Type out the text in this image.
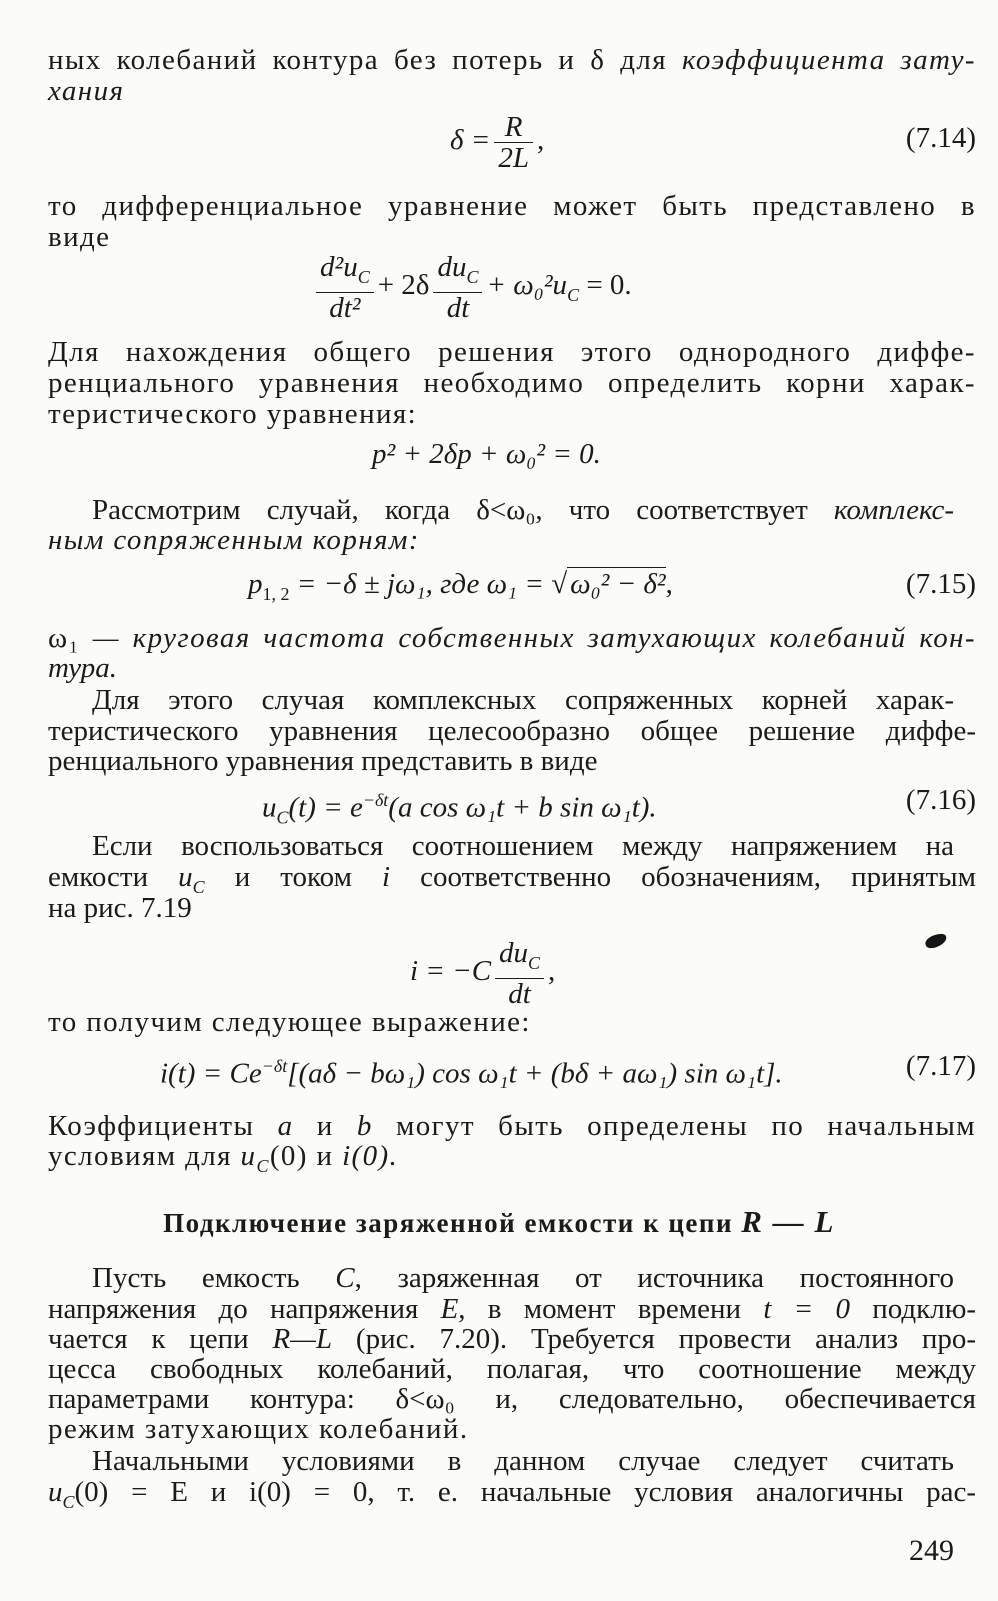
ных колебаний контура без потерь и δ для коэффициента зату-
хания
$\delta = \frac{R}{2L}$ ,	(7.14)
то дифференциальное уравнение может быть представлено в
виде
$\frac{d^2u_C}{\text{dt²}} + 2\delta \frac{du_C}{dt} + \omega_0^2u_C = 0$.
Для нахождения общего решения этого однородного диффе-
ренциального уравнения необходимо определить корни харак-
теристического уравнения:
p² + 2δp + ω₀² = 0.
Рассмотрим случай, когда δ<ω₀, что соответствует комплекс-
ным сопряженным корням:
$p_{1, 2} = -\delta \pm j\omega_1$, где ω₁ = √ ω₀² − δ²,	(7.15)
ω₁ — круговая частота собственных затухающих колебаний кон-
тура.
Для этого случая комплексных сопряженных корней харак-
теристического уравнения целесообразно общее решение диффе-
ренциального уравнения представить в виде
$u_C(t) = e^{-\delta t}(a$ cos ω₁t + b sin ω₁t).	(7.16)
Если воспользоваться соотношением между напряжением на
емкости $u_C$ и током i соответственно обозначениям, принятым
на рис. 7.19
$i = -C \frac{du_C}{dt}$ ,
то получим следующее выражение:
$i(t) = Ce^{-\delta t}[(a\delta - b\omega_1)$ cos ω₁t + (bδ + aω₁) sin ω₁t].	(7.17)
Коэффициенты a и b могут быть определены по начальным
условиям для $u_C(0)$ и i(0).
Подключение заряженной емкости к цепи R — L
Пусть емкость C, заряженная от источника постоянного
напряжения до напряжения E, в момент времени t = 0 подклю-
чается к цепи R—L (рис. 7.20). Требуется провести анализ про-
цесса свободных колебаний, полагая, что соотношение между
параметрами контура: δ<ω₀ и, следовательно, обеспечивается
режим затухающих колебаний.
Начальными условиями в данном случае следует считать
$u_C(0) = E$ и i(0) = 0, т. е. начальные условия аналогичны рас-
249
